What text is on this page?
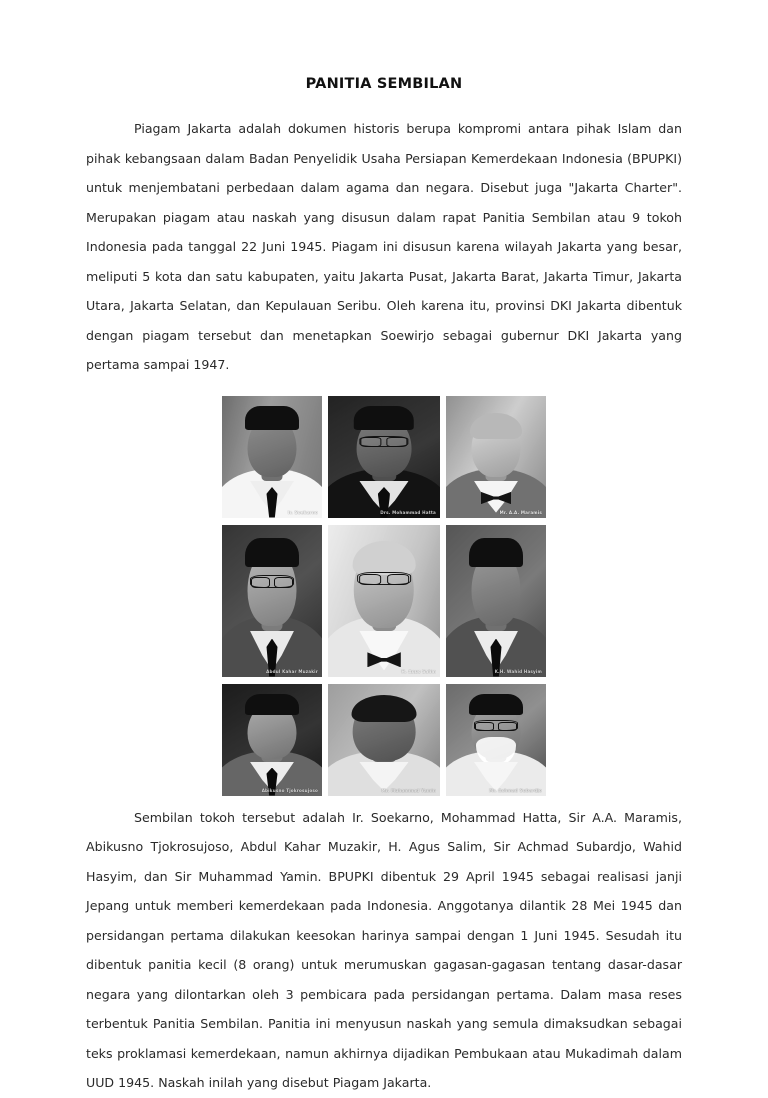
PANITIA SEMBILAN

Piagam Jakarta adalah dokumen historis berupa kompromi antara pihak Islam dan pihak kebangsaan dalam Badan Penyelidik Usaha Persiapan Kemerdekaan Indonesia (BPUPKI) untuk menjembatani perbedaan dalam agama dan negara. Disebut juga "Jakarta Charter". Merupakan piagam atau naskah yang disusun dalam rapat Panitia Sembilan atau 9 tokoh Indonesia pada tanggal 22 Juni 1945. Piagam ini disusun karena wilayah Jakarta yang besar, meliputi 5 kota dan satu kabupaten, yaitu Jakarta Pusat, Jakarta Barat, Jakarta Timur, Jakarta Utara, Jakarta Selatan, dan Kepulauan Seribu. Oleh karena itu, provinsi DKI Jakarta dibentuk dengan piagam tersebut dan menetapkan Soewirjo sebagai gubernur DKI Jakarta yang pertama sampai 1947.

Ir. Soekarno	Drs. Mohammad Hatta	Mr. A.A. Maramis
Abdul Kahar Muzakir	H. Agus Salim	K.H. Wahid Hasyim
Abikusno Tjokrosujoso	Mr. Muhammad Yamin	Mr. Achmad Subardjo

Sembilan tokoh tersebut adalah Ir. Soekarno, Mohammad Hatta, Sir A.A. Maramis, Abikusno Tjokrosujoso, Abdul Kahar Muzakir, H. Agus Salim, Sir Achmad Subardjo, Wahid Hasyim, dan Sir Muhammad Yamin. BPUPKI dibentuk 29 April 1945 sebagai realisasi janji Jepang untuk memberi kemerdekaan pada Indonesia. Anggotanya dilantik 28 Mei 1945 dan persidangan pertama dilakukan keesokan harinya sampai dengan 1 Juni 1945. Sesudah itu dibentuk panitia kecil (8 orang) untuk merumuskan gagasan-gagasan tentang dasar-dasar negara yang dilontarkan oleh 3 pembicara pada persidangan pertama. Dalam masa reses terbentuk Panitia Sembilan. Panitia ini menyusun naskah yang semula dimaksudkan sebagai teks proklamasi kemerdekaan, namun akhirnya dijadikan Pembukaan atau Mukadimah dalam UUD 1945. Naskah inilah yang disebut Piagam Jakarta.
